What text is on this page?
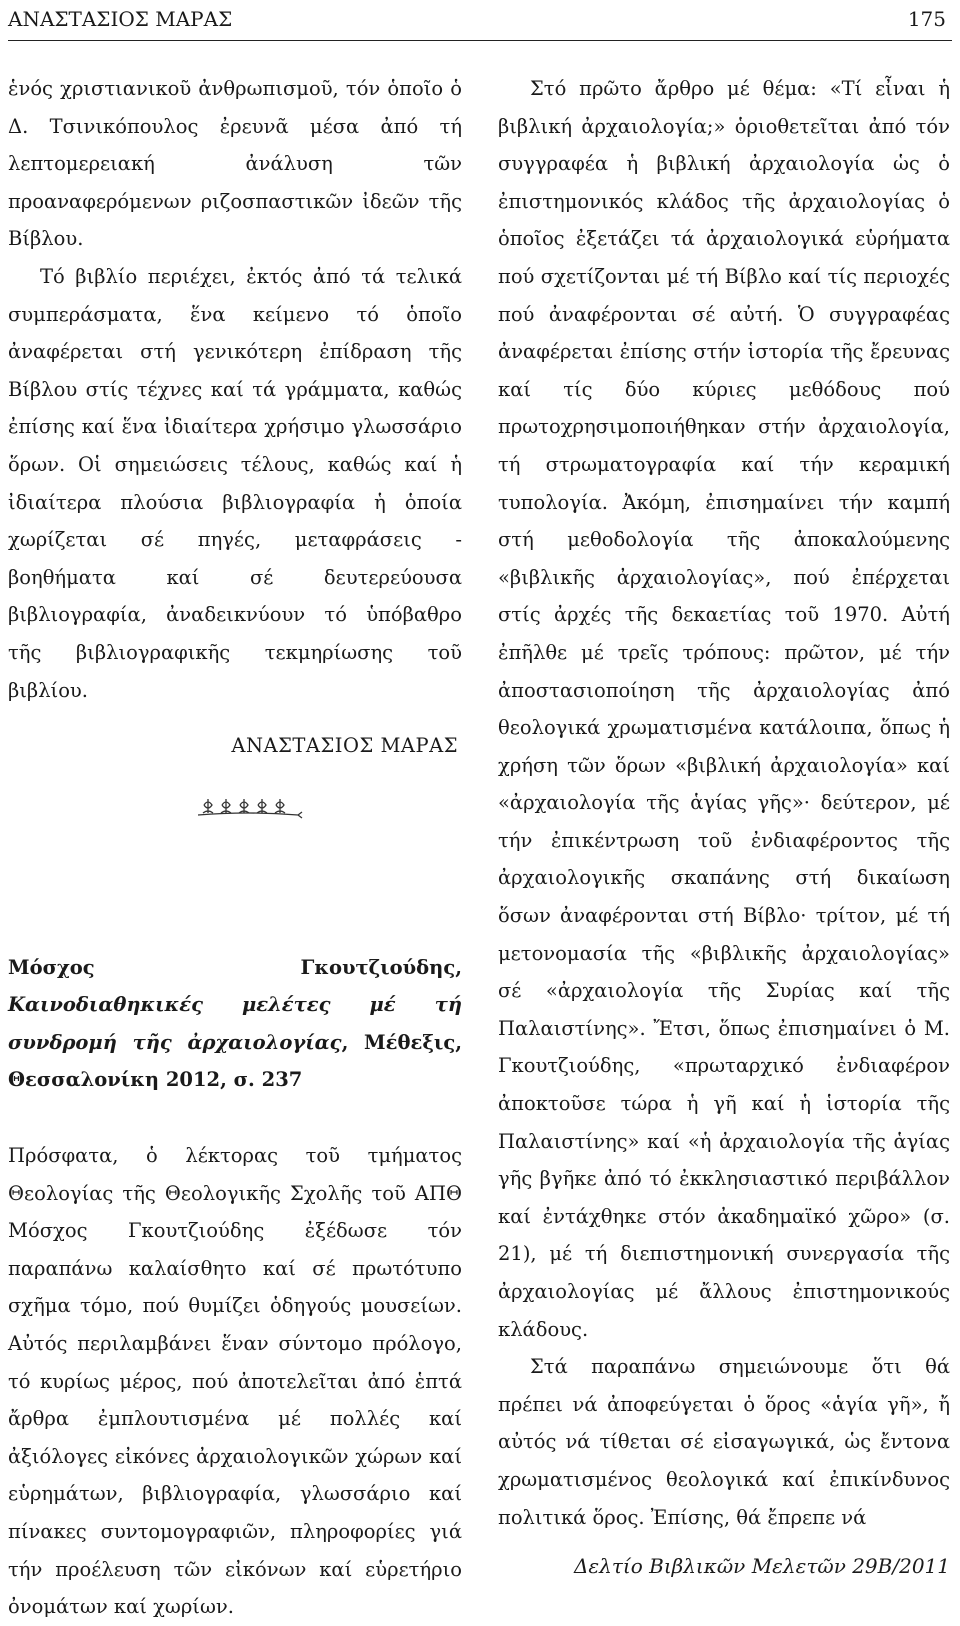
ΑΝΑΣΤΑΣΙΟΣ ΜΑΡΑΣ	175

ἑνός χριστιανικοῦ ἀνθρωπισμοῦ, τόν ὁποῖο ὁ Δ. Τσινικόπουλος ἐρευνᾶ μέσα ἀπό τή λεπτομερειακή ἀνάλυση τῶν προαναφερόμενων ριζοσπαστικῶν ἰδεῶν τῆς Βίβλου.

Τό βιβλίο περιέχει, ἐκτός ἀπό τά τελικά συμπεράσματα, ἕνα κείμενο τό ὁποῖο ἀναφέρεται στή γενικότερη ἐπίδραση τῆς Βίβλου στίς τέχνες καί τά γράμματα, καθώς ἐπίσης καί ἕνα ἰδιαίτερα χρήσιμο γλωσσάριο ὅρων. Οἱ σημειώσεις τέλους, καθώς καί ἡ ἰδιαίτερα πλούσια βιβλιογραφία ἡ ὁποία χωρίζεται σέ πηγές, μεταφράσεις - βοηθήματα καί σέ δευτερεύουσα βιβλιογραφία, ἀναδεικνύουν τό ὑπόβαθρο τῆς βιβλιογραφικῆς τεκμηρίωσης τοῦ βιβλίου.

ΑΝΑΣΤΑΣΙΟΣ ΜΑΡΑΣ

Μόσχος Γκουτζιούδης, Καινοδιαθηκικές μελέτες μέ τή συνδρομή τῆς ἀρχαιολογίας, Μέθεξις, Θεσσαλονίκη 2012, σ. 237

Πρόσφατα, ὁ λέκτορας τοῦ τμήματος Θεολογίας τῆς Θεολογικῆς Σχολῆς τοῦ ΑΠΘ Μόσχος Γκουτζιούδης ἐξέδωσε τόν παραπάνω καλαίσθητο καί σέ πρωτότυπο σχῆμα τόμο, πού θυμίζει ὁδηγούς μουσείων. Αὐτός περιλαμβάνει ἕναν σύντομο πρόλογο, τό κυρίως μέρος, πού ἀποτελεῖται ἀπό ἑπτά ἄρθρα ἐμπλουτισμένα μέ πολλές καί ἀξιόλογες εἰκόνες ἀρχαιολογικῶν χώρων καί εὑρημάτων, βιβλιογραφία, γλωσσάριο καί πίνακες συντομογραφιῶν, πληροφορίες γιά τήν προέλευση τῶν εἰκόνων καί εὑρετήριο ὀνομάτων καί χωρίων.

Στό πρῶτο ἄρθρο μέ θέμα: «Τί εἶναι ἡ βιβλική ἀρχαιολογία;» ὁριοθετεῖται ἀπό τόν συγγραφέα ἡ βιβλική ἀρχαιολογία ὡς ὁ ἐπιστημονικός κλάδος τῆς ἀρχαιολογίας ὁ ὁποῖος ἐξετάζει τά ἀρχαιολογικά εὑρήματα πού σχετίζονται μέ τή Βίβλο καί τίς περιοχές πού ἀναφέρονται σέ αὐτή. Ὁ συγγραφέας ἀναφέρεται ἐπίσης στήν ἱστορία τῆς ἔρευνας καί τίς δύο κύριες μεθόδους πού πρωτοχρησιμοποιήθηκαν στήν ἀρχαιολογία, τή στρωματογραφία καί τήν κεραμική τυπολογία. Ἀκόμη, ἐπισημαίνει τήν καμπή στή μεθοδολογία τῆς ἀποκαλούμενης «βιβλικῆς ἀρχαιολογίας», πού ἐπέρχεται στίς ἀρχές τῆς δεκαετίας τοῦ 1970. Αὐτή ἐπῆλθε μέ τρεῖς τρόπους: πρῶτον, μέ τήν ἀποστασιοποίηση τῆς ἀρχαιολογίας ἀπό θεολογικά χρωματισμένα κατάλοιπα, ὅπως ἡ χρήση τῶν ὅρων «βιβλική ἀρχαιολογία» καί «ἀρχαιολογία τῆς ἁγίας γῆς»· δεύτερον, μέ τήν ἐπικέντρωση τοῦ ἐνδιαφέροντος τῆς ἀρχαιολογικῆς σκαπάνης στή δικαίωση ὅσων ἀναφέρονται στή Βίβλο· τρίτον, μέ τή μετονομασία τῆς «βιβλικῆς ἀρχαιολογίας» σέ «ἀρχαιολογία τῆς Συρίας καί τῆς Παλαιστίνης». Ἔτσι, ὅπως ἐπισημαίνει ὁ Μ. Γκουτζιούδης, «πρωταρχικό ἐνδιαφέρον ἀποκτοῦσε τώρα ἡ γῆ καί ἡ ἱστορία τῆς Παλαιστίνης» καί «ἡ ἀρχαιολογία τῆς ἁγίας γῆς βγῆκε ἀπό τό ἐκκλησιαστικό περιβάλλον καί ἐντάχθηκε στόν ἀκαδημαϊκό χῶρο» (σ. 21), μέ τή διεπιστημονική συνεργασία τῆς ἀρχαιολογίας μέ ἄλλους ἐπιστημονικούς κλάδους.

Στά παραπάνω σημειώνουμε ὅτι θά πρέπει νά ἀποφεύγεται ὁ ὅρος «ἁγία γῆ», ἤ αὐτός νά τίθεται σέ εἰσαγωγικά, ὡς ἔντονα χρωματισμένος θεολογικά καί ἐπικίνδυνος πολιτικά ὅρος. Ἐπίσης, θά ἔπρεπε νά

Δελτίο Βιβλικῶν Μελετῶν 29Β/2011
